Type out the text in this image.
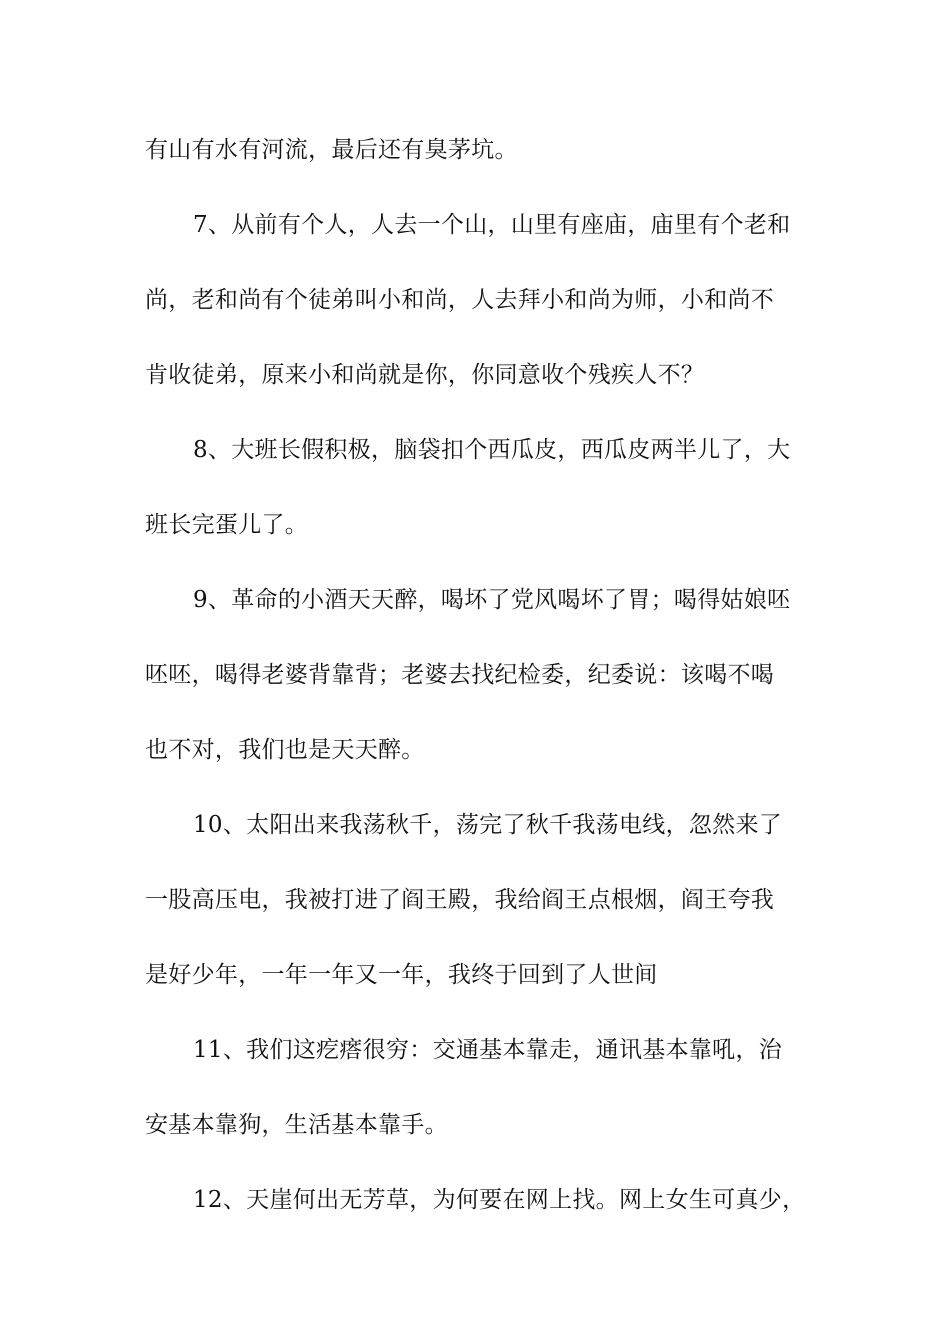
有山有水有河流，最后还有臭茅坑。
7、从前有个人，人去一个山，山里有座庙，庙里有个老和
尚，老和尚有个徒弟叫小和尚，人去拜小和尚为师，小和尚不
肯收徒弟，原来小和尚就是你，你同意收个残疾人不？
8、大班长假积极，脑袋扣个西瓜皮，西瓜皮两半儿了，大
班长完蛋儿了。
9、革命的小酒天天醉，喝坏了党风喝坏了胃；喝得姑娘呸
呸呸，喝得老婆背靠背；老婆去找纪检委，纪委说：该喝不喝
也不对，我们也是天天醉。
10、太阳出来我荡秋千，荡完了秋千我荡电线，忽然来了
一股高压电，我被打进了阎王殿，我给阎王点根烟，阎王夸我
是好少年，一年一年又一年，我终于回到了人世间
11、我们这疙瘩很穷：交通基本靠走，通讯基本靠吼，治
安基本靠狗，生活基本靠手。
12、天崖何出无芳草，为何要在网上找。网上女生可真少，
